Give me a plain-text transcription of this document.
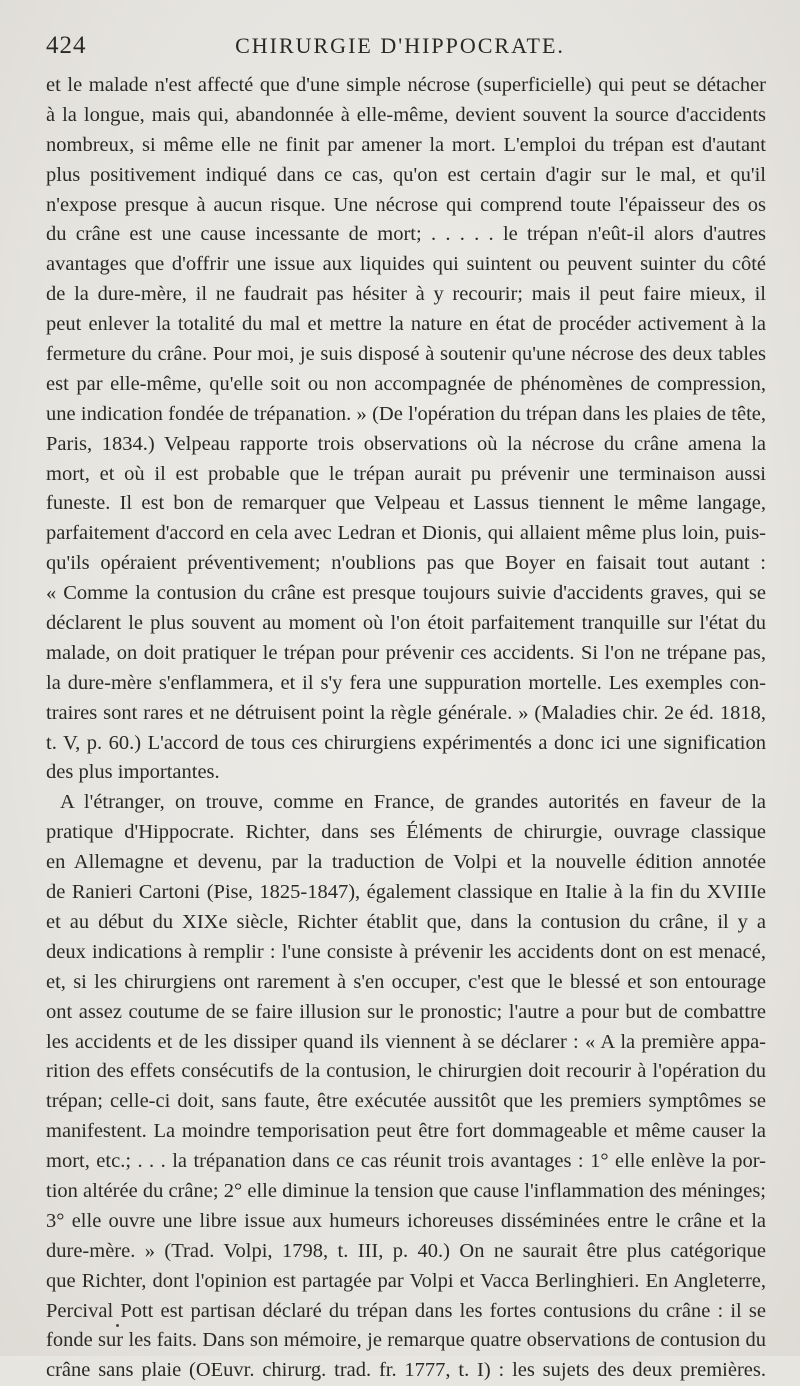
424	CHIRURGIE D'HIPPOCRATE.
et le malade n'est affecté que d'une simple nécrose (superficielle) qui peut se détacher
à la longue, mais qui, abandonnée à elle-même, devient souvent la source d'accidents
nombreux, si même elle ne finit par amener la mort. L'emploi du trépan est d'autant
plus positivement indiqué dans ce cas, qu'on est certain d'agir sur le mal, et qu'il
n'expose presque à aucun risque. Une nécrose qui comprend toute l'épaisseur des os
du crâne est une cause incessante de mort; . . . . . le trépan n'eût-il alors d'autres
avantages que d'offrir une issue aux liquides qui suintent ou peuvent suinter du côté
de la dure-mère, il ne faudrait pas hésiter à y recourir; mais il peut faire mieux, il
peut enlever la totalité du mal et mettre la nature en état de procéder activement à la
fermeture du crâne. Pour moi, je suis disposé à soutenir qu'une nécrose des deux tables
est par elle-même, qu'elle soit ou non accompagnée de phénomènes de compression,
une indication fondée de trépanation. » (De l'opération du trépan dans les plaies de tête,
Paris, 1834.) Velpeau rapporte trois observations où la nécrose du crâne amena la
mort, et où il est probable que le trépan aurait pu prévenir une terminaison aussi
funeste. Il est bon de remarquer que Velpeau et Lassus tiennent le même langage,
parfaitement d'accord en cela avec Ledran et Dionis, qui allaient même plus loin, puis-
qu'ils opéraient préventivement; n'oublions pas que Boyer en faisait tout autant :
« Comme la contusion du crâne est presque toujours suivie d'accidents graves, qui se
déclarent le plus souvent au moment où l'on étoit parfaitement tranquille sur l'état du
malade, on doit pratiquer le trépan pour prévenir ces accidents. Si l'on ne trépane pas,
la dure-mère s'enflammera, et il s'y fera une suppuration mortelle. Les exemples con-
traires sont rares et ne détruisent point la règle générale. » (Maladies chir. 2e éd. 1818,
t. V, p. 60.) L'accord de tous ces chirurgiens expérimentés a donc ici une signification
des plus importantes.
A l'étranger, on trouve, comme en France, de grandes autorités en faveur de la
pratique d'Hippocrate. Richter, dans ses Éléments de chirurgie, ouvrage classique
en Allemagne et devenu, par la traduction de Volpi et la nouvelle édition annotée
de Ranieri Cartoni (Pise, 1825-1847), également classique en Italie à la fin du XVIIIe
et au début du XIXe siècle, Richter établit que, dans la contusion du crâne, il y a
deux indications à remplir : l'une consiste à prévenir les accidents dont on est menacé,
et, si les chirurgiens ont rarement à s'en occuper, c'est que le blessé et son entourage
ont assez coutume de se faire illusion sur le pronostic; l'autre a pour but de combattre
les accidents et de les dissiper quand ils viennent à se déclarer : « A la première appa-
rition des effets consécutifs de la contusion, le chirurgien doit recourir à l'opération du
trépan; celle-ci doit, sans faute, être exécutée aussitôt que les premiers symptômes se
manifestent. La moindre temporisation peut être fort dommageable et même causer la
mort, etc.; . . . la trépanation dans ce cas réunit trois avantages : 1° elle enlève la por-
tion altérée du crâne; 2° elle diminue la tension que cause l'inflammation des méninges;
3° elle ouvre une libre issue aux humeurs ichoreuses disséminées entre le crâne et la
dure-mère. » (Trad. Volpi, 1798, t. III, p. 40.) On ne saurait être plus catégorique
que Richter, dont l'opinion est partagée par Volpi et Vacca Berlinghieri. En Angleterre,
Percival Pott est partisan déclaré du trépan dans les fortes contusions du crâne : il se
fonde sur les faits. Dans son mémoire, je remarque quatre observations de contusion du
crâne sans plaie (OEuvr. chirurg. trad. fr. 1777, t. I) : les sujets des deux premières.
